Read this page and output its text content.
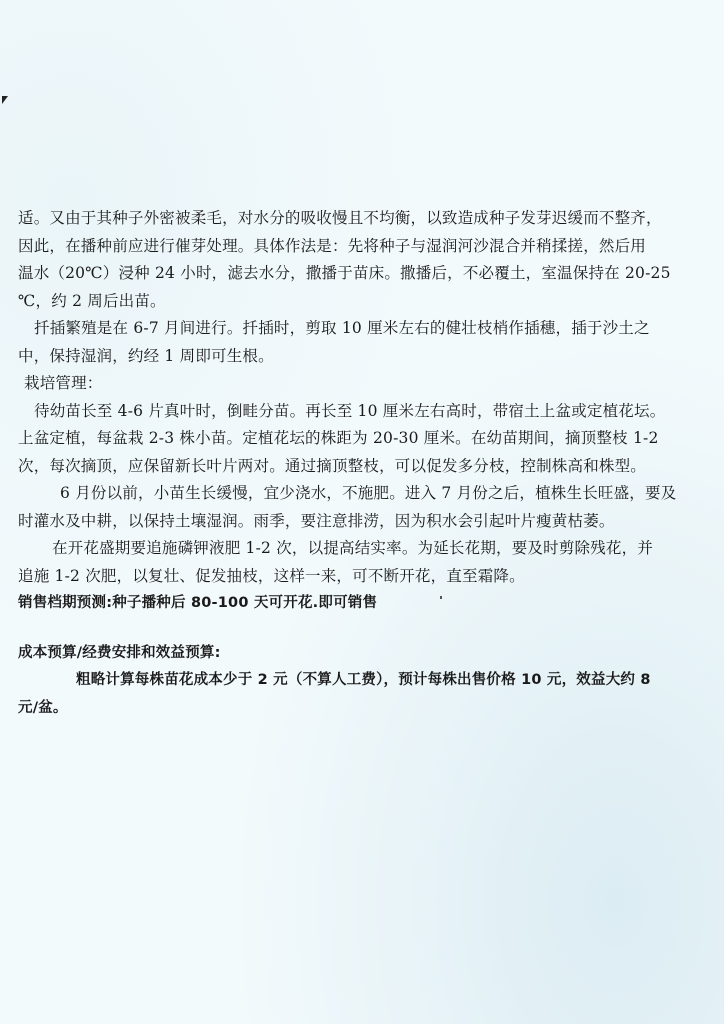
适。又由于其种子外密被柔毛，对水分的吸收慢且不均衡，以致造成种子发芽迟缓而不整齐，
因此，在播种前应进行催芽处理。具体作法是：先将种子与湿润河沙混合并稍揉搓，然后用
温水（20℃）浸种 24 小时，滤去水分，撒播于苗床。撒播后，不必覆土，室温保持在 20-25
℃，约 2 周后出苗。
扦插繁殖是在 6-7 月间进行。扦插时，剪取 10 厘米左右的健壮枝梢作插穗，插于沙土之
中，保持湿润，约经 1 周即可生根。
栽培管理：
待幼苗长至 4-6 片真叶时，倒畦分苗。再长至 10 厘米左右高时，带宿土上盆或定植花坛。
上盆定植，每盆栽 2-3 株小苗。定植花坛的株距为 20-30 厘米。在幼苗期间，摘顶整枝 1-2
次，每次摘顶，应保留新长叶片两对。通过摘顶整枝，可以促发多分枝，控制株高和株型。
6 月份以前，小苗生长缓慢，宜少浇水，不施肥。进入 7 月份之后，植株生长旺盛，要及
时灌水及中耕，以保持土壤湿润。雨季，要注意排涝，因为积水会引起叶片瘦黄枯萎。
在开花盛期要追施磷钾液肥 1-2 次，以提高结实率。为延长花期，要及时剪除残花，并
追施 1-2 次肥，以复壮、促发抽枝，这样一来，可不断开花，直至霜降。
销售档期预测:种子播种后 80-100 天可开花.即可销售
成本预算/经费安排和效益预算:
粗略计算每株苗花成本少于 2 元（不算人工费），预计每株出售价格 10 元，效益大约 8
元/盆。
